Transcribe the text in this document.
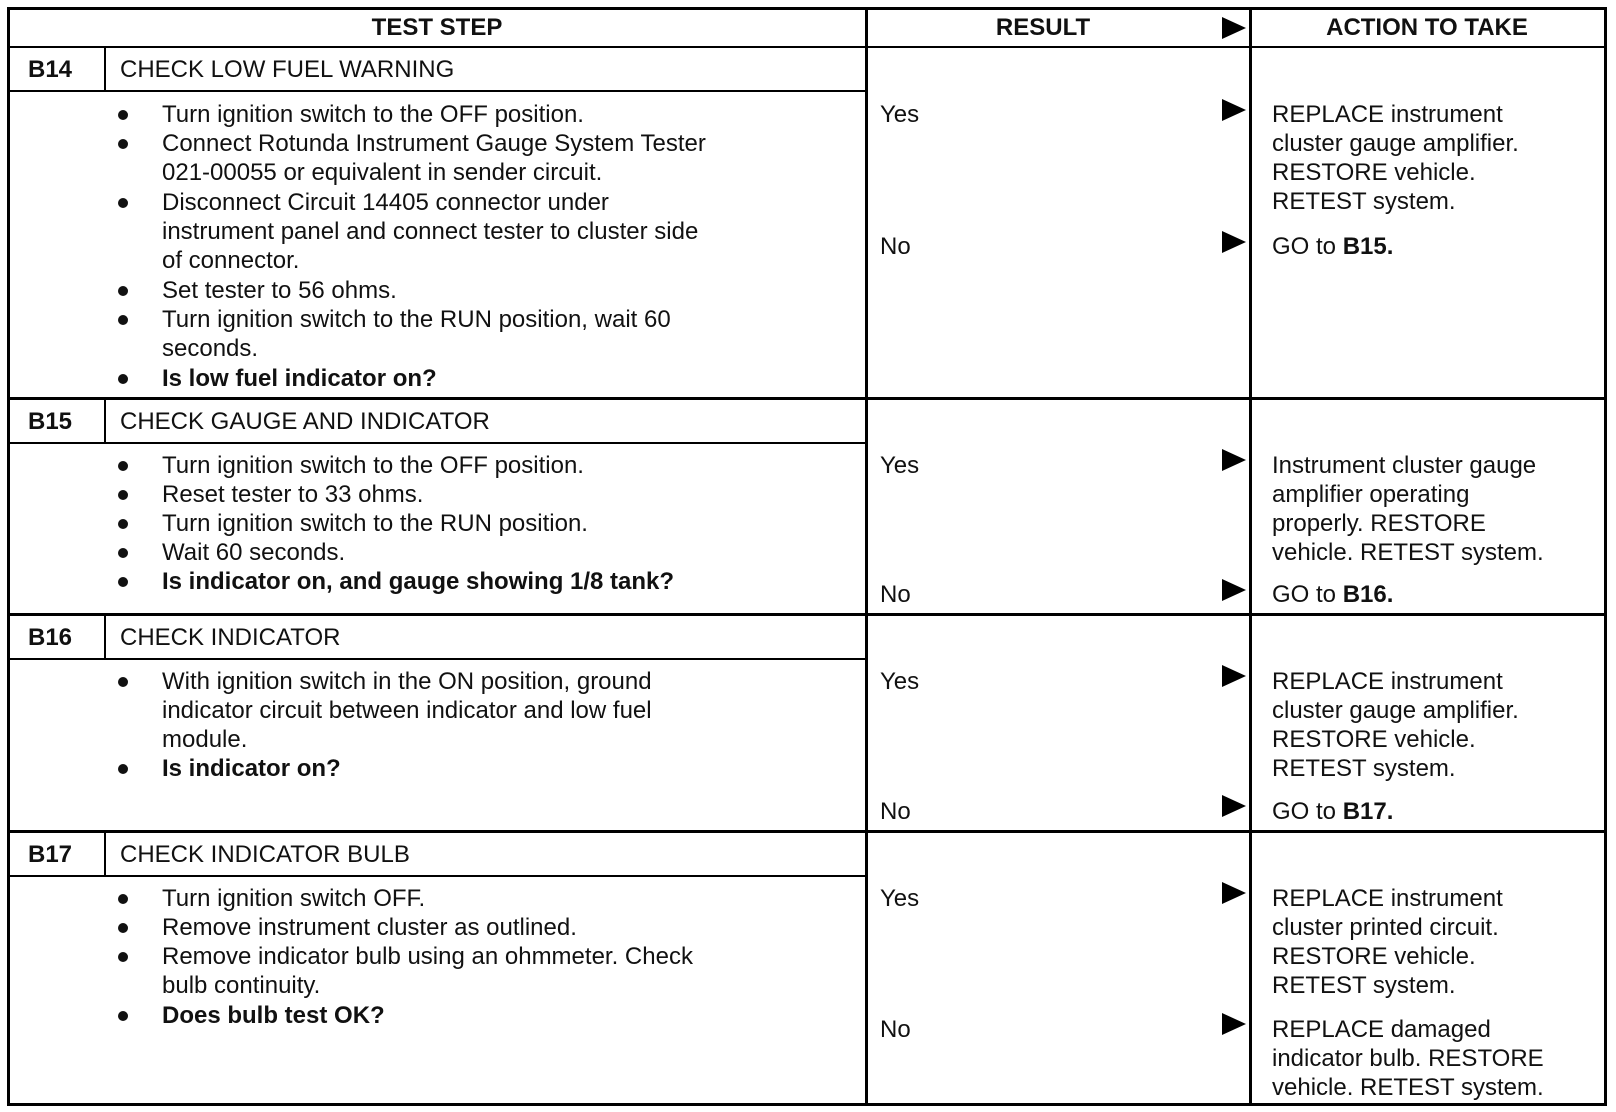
TEST STEP	RESULT	ACTION TO TAKE
B14 CHECK LOW FUEL WARNING
Turn ignition switch to the OFF position.
Connect Rotunda Instrument Gauge System Tester
021-00055 or equivalent in sender circuit.
Disconnect Circuit 14405 connector under
instrument panel and connect tester to cluster side
of connector.
Set tester to 56 ohms.
Turn ignition switch to the RUN position, wait 60
seconds.
Is low fuel indicator on?
Yes	REPLACE instrument
cluster gauge amplifier.
RESTORE vehicle.
RETEST system.
No	GO to B15.
B15 CHECK GAUGE AND INDICATOR
Turn ignition switch to the OFF position.
Reset tester to 33 ohms.
Turn ignition switch to the RUN position.
Wait 60 seconds.
Is indicator on, and gauge showing 1/8 tank?
Yes	Instrument cluster gauge
amplifier operating
properly. RESTORE
vehicle. RETEST system.
No	GO to B16.
B16 CHECK INDICATOR
With ignition switch in the ON position, ground
indicator circuit between indicator and low fuel
module.
Is indicator on?
Yes	REPLACE instrument
cluster gauge amplifier.
RESTORE vehicle.
RETEST system.
No	GO to B17.
B17 CHECK INDICATOR BULB
Turn ignition switch OFF.
Remove instrument cluster as outlined.
Remove indicator bulb using an ohmmeter. Check
bulb continuity.
Does bulb test OK?
Yes	REPLACE instrument
cluster printed circuit.
RESTORE vehicle.
RETEST system.
No	REPLACE damaged
indicator bulb. RESTORE
vehicle. RETEST system.
